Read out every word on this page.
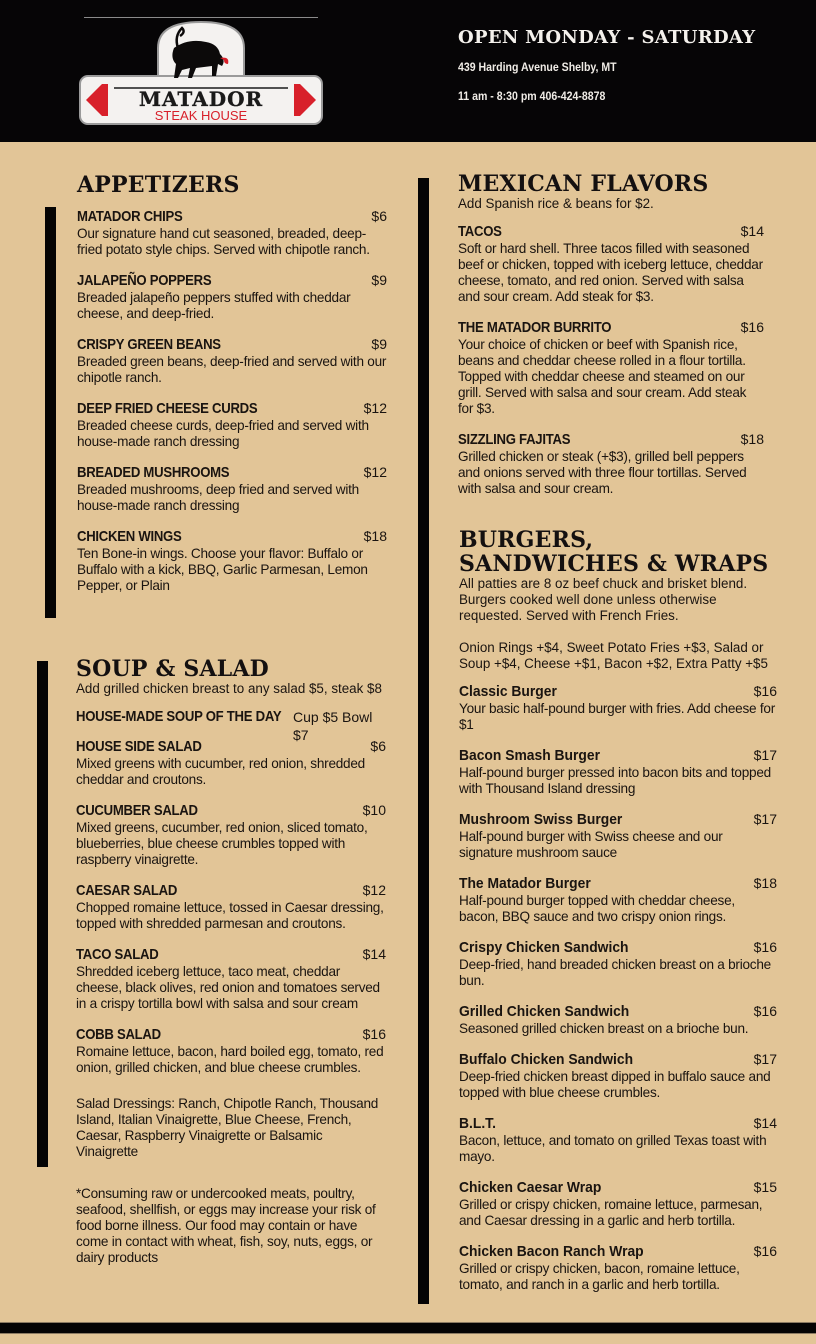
MATADOR
STEAK HOUSE
OPEN MONDAY - SATURDAY
439 Harding Avenue Shelby, MT
11 am - 8:30 pm 406-424-8878
APPETIZERS
MATADOR CHIPS	$6
Our signature hand cut seasoned, breaded, deep-fried potato style chips. Served with chipotle ranch.
JALAPEÑO POPPERS	$9
Breaded jalapeño peppers stuffed with cheddar cheese, and deep-fried.
CRISPY GREEN BEANS	$9
Breaded green beans, deep-fried and served with our chipotle ranch.
DEEP FRIED CHEESE CURDS	$12
Breaded cheese curds, deep-fried and served with house-made ranch dressing
BREADED MUSHROOMS	$12
Breaded mushrooms, deep fried and served with house-made ranch dressing
CHICKEN WINGS	$18
Ten Bone-in wings. Choose your flavor: Buffalo or Buffalo with a kick, BBQ, Garlic Parmesan, Lemon Pepper, or Plain
SOUP & SALAD
Add grilled chicken breast to any salad $5, steak $8
HOUSE-MADE SOUP OF THE DAY Cup $5 Bowl $7
HOUSE SIDE SALAD	$6
Mixed greens with cucumber, red onion, shredded cheddar and croutons.
CUCUMBER SALAD	$10
Mixed greens, cucumber, red onion, sliced tomato, blueberries, blue cheese crumbles topped with raspberry vinaigrette.
CAESAR SALAD	$12
Chopped romaine lettuce, tossed in Caesar dressing, topped with shredded parmesan and croutons.
TACO SALAD	$14
Shredded iceberg lettuce, taco meat, cheddar cheese, black olives, red onion and tomatoes served in a crispy tortilla bowl with salsa and sour cream
COBB SALAD	$16
Romaine lettuce, bacon, hard boiled egg, tomato, red onion, grilled chicken, and blue cheese crumbles.
Salad Dressings: Ranch, Chipotle Ranch, Thousand Island, Italian Vinaigrette, Blue Cheese, French, Caesar, Raspberry Vinaigrette or Balsamic Vinaigrette
*Consuming raw or undercooked meats, poultry, seafood, shellfish, or eggs may increase your risk of food borne illness. Our food may contain or have come in contact with wheat, fish, soy, nuts, eggs, or dairy products
MEXICAN FLAVORS
Add Spanish rice & beans for $2.
TACOS	$14
Soft or hard shell. Three tacos filled with seasoned beef or chicken, topped with iceberg lettuce, cheddar cheese, tomato, and red onion. Served with salsa and sour cream. Add steak for $3.
THE MATADOR BURRITO	$16
Your choice of chicken or beef with Spanish rice, beans and cheddar cheese rolled in a flour tortilla. Topped with cheddar cheese and steamed on our grill. Served with salsa and sour cream. Add steak for $3.
SIZZLING FAJITAS	$18
Grilled chicken or steak (+$3), grilled bell peppers and onions served with three flour tortillas. Served with salsa and sour cream.
BURGERS, SANDWICHES & WRAPS
All patties are 8 oz beef chuck and brisket blend. Burgers cooked well done unless otherwise requested. Served with French Fries.
Onion Rings +$4, Sweet Potato Fries +$3, Salad or Soup +$4, Cheese +$1, Bacon +$2, Extra Patty +$5
Classic Burger	$16
Your basic half-pound burger with fries. Add cheese for $1
Bacon Smash Burger	$17
Half-pound burger pressed into bacon bits and topped with Thousand Island dressing
Mushroom Swiss Burger	$17
Half-pound burger with Swiss cheese and our signature mushroom sauce
The Matador Burger	$18
Half-pound burger topped with cheddar cheese, bacon, BBQ sauce and two crispy onion rings.
Crispy Chicken Sandwich	$16
Deep-fried, hand breaded chicken breast on a brioche bun.
Grilled Chicken Sandwich	$16
Seasoned grilled chicken breast on a brioche bun.
Buffalo Chicken Sandwich	$17
Deep-fried chicken breast dipped in buffalo sauce and topped with blue cheese crumbles.
B.L.T.	$14
Bacon, lettuce, and tomato on grilled Texas toast with mayo.
Chicken Caesar Wrap	$15
Grilled or crispy chicken, romaine lettuce, parmesan, and Caesar dressing in a garlic and herb tortilla.
Chicken Bacon Ranch Wrap	$16
Grilled or crispy chicken, bacon, romaine lettuce, tomato, and ranch in a garlic and herb tortilla.
